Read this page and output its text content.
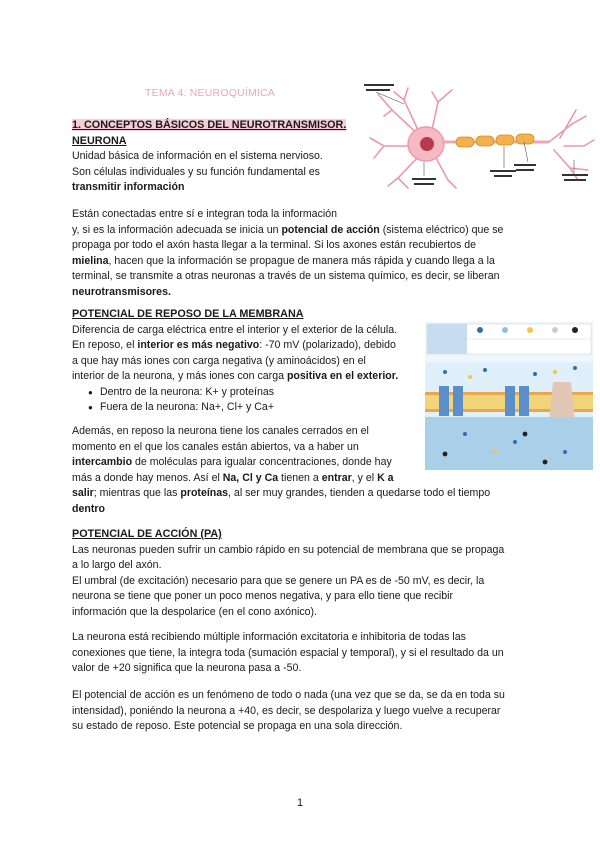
TEMA 4: NEUROQUÍMICA
1. CONCEPTOS BÁSICOS DEL NEUROTRANSMISOR.
NEURONA
Unidad básica de información en el sistema nervioso.
Son células individuales y su función fundamental es
transmitir información
Están conectadas entre sí e integran toda la información
y, si es la información adecuada se inicia un potencial de acción (sistema eléctrico) que se
propaga por todo el axón hasta llegar a la terminal. Si los axones están recubiertos de
mielina, hacen que la información se propague de manera más rápida y cuando llega a la
terminal, se transmite a otras neuronas a través de un sistema químico, es decir, se liberan
neurotransmisores.
POTENCIAL DE REPOSO DE LA MEMBRANA
Diferencia de carga eléctrica entre el interior y el exterior de la célula.
En reposo, el interior es más negativo: -70 mV (polarizado), debido
a que hay más iones con carga negativa (y aminoácidos) en el
interior de la neurona, y más iones con carga positiva en el exterior.
● Dentro de la neurona: K+ y proteínas
● Fuera de la neurona: Na+, Cl+ y Ca+
Además, en reposo la neurona tiene los canales cerrados en el
momento en el que los canales están abiertos, va a haber un
intercambio de moléculas para igualar concentraciones, donde hay
más a donde hay menos. Así el Na, Cl y Ca tienen a entrar, y el K a
salir; mientras que las proteínas, al ser muy grandes, tienden a quedarse todo el tiempo
dentro
POTENCIAL DE ACCIÓN (PA)
Las neuronas pueden sufrir un cambio rápido en su potencial de membrana que se propaga
a lo largo del axón.
El umbral (de excitación) necesario para que se genere un PA es de -50 mV, es decir, la
neurona se tiene que poner un poco menos negativa, y para ello tiene que recibir
información que la despolarice (en el cono axónico).
La neurona está recibiendo múltiple información excitatoria e inhibitoria de todas las
conexiones que tiene, la integra toda (sumación espacial y temporal), y si el resultado da un
valor de +20 significa que la neurona pasa a -50.
El potencial de acción es un fenómeno de todo o nada (una vez que se da, se da en toda su
intensidad), poniéndo la neurona a +40, es decir, se despolariza y luego vuelve a recuperar
su estado de reposo. Este potencial se propaga en una sola dirección.
1
